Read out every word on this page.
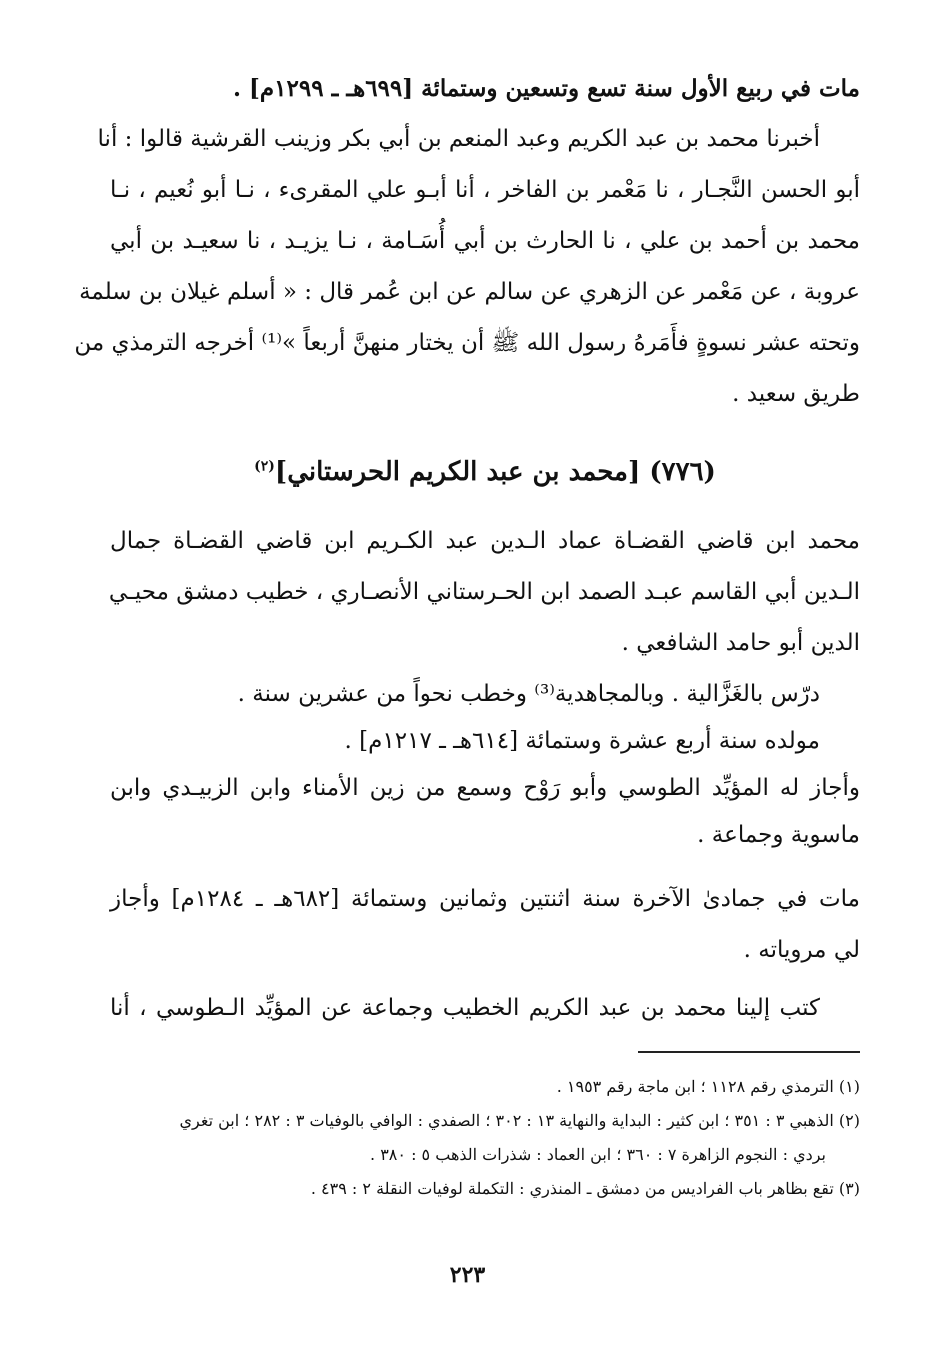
مات في ربيع الأول سنة تسع وتسعين وستمائة [٦٩٩هـ ـ ١٢٩٩م] .
أخبرنا محمد بن عبد الكريم وعبد المنعم بن أبي بكر وزينب القرشية قالوا : أنا
أبو الحسن النَّجـار ، نا مَعْمر بن الفاخر ، أنا أبـو علي المقرىء ، نـا أبو نُعيم ، نـا
محمد بن أحمد بن علي ، نا الحارث بن أبي أُسَـامة ، نـا يزيـد ، نا سعيـد بن أبي
عروبة ، عن مَعْمر عن الزهري عن سالم عن ابن عُمر قال : « أسلم غيلان بن سلمة
وتحته عشر نسوةٍ فأَمَرهُ رسول الله ﷺ أن يختار منهنَّ أربعاً »⁽¹⁾ أخرجه الترمذي من
طريق سعيد .
(٧٧٦) [محمد بن عبد الكريم الحرستاني]$^{(٢)}$
محمد ابن قاضي القضـاة عماد الـدين عبد الكـريم ابن قاضي القضـاة جمال
الـدين أبي القاسم عبـد الصمد ابن الحـرستاني الأنصـاري ، خطيب دمشق محيـي
الدين أبو حامد الشافعي .
درّس بالغَزَّالية . وبالمجاهدية⁽³⁾ وخطب نحواً من عشرين سنة .
مولده سنة أربع عشرة وستمائة [٦١٤هـ ـ ١٢١٧م] .
وأجاز له المؤيِّد الطوسي وأبو رَوْح وسمع من زين الأمناء وابن الزبيـدي وابن
ماسوية وجماعة .
مات في جمادىٰ الآخرة سنة اثنتين وثمانين وستمائة [٦٨٢هـ ـ ١٢٨٤م] وأجاز
لي مروياته .
كتب إلينا محمد بن عبد الكريم الخطيب وجماعة عن المؤيِّد الـطوسي ، أنا
(١) الترمذي رقم ١١٢٨ ؛ ابن ماجة رقم ١٩٥٣ .
(٢) الذهبي ٣ : ٣٥١ ؛ ابن كثير : البداية والنهاية ١٣ : ٣٠٢ ؛ الصفدي : الوافي بالوفيات ٣ : ٢٨٢ ؛ ابن تغري
بردي : النجوم الزاهرة ٧ : ٣٦٠ ؛ ابن العماد : شذرات الذهب ٥ : ٣٨٠ .
(٣) تقع بظاهر باب الفراديس من دمشق ـ المنذري : التكملة لوفيات النقلة ٢ : ٤٣٩ .
٢٢٣
